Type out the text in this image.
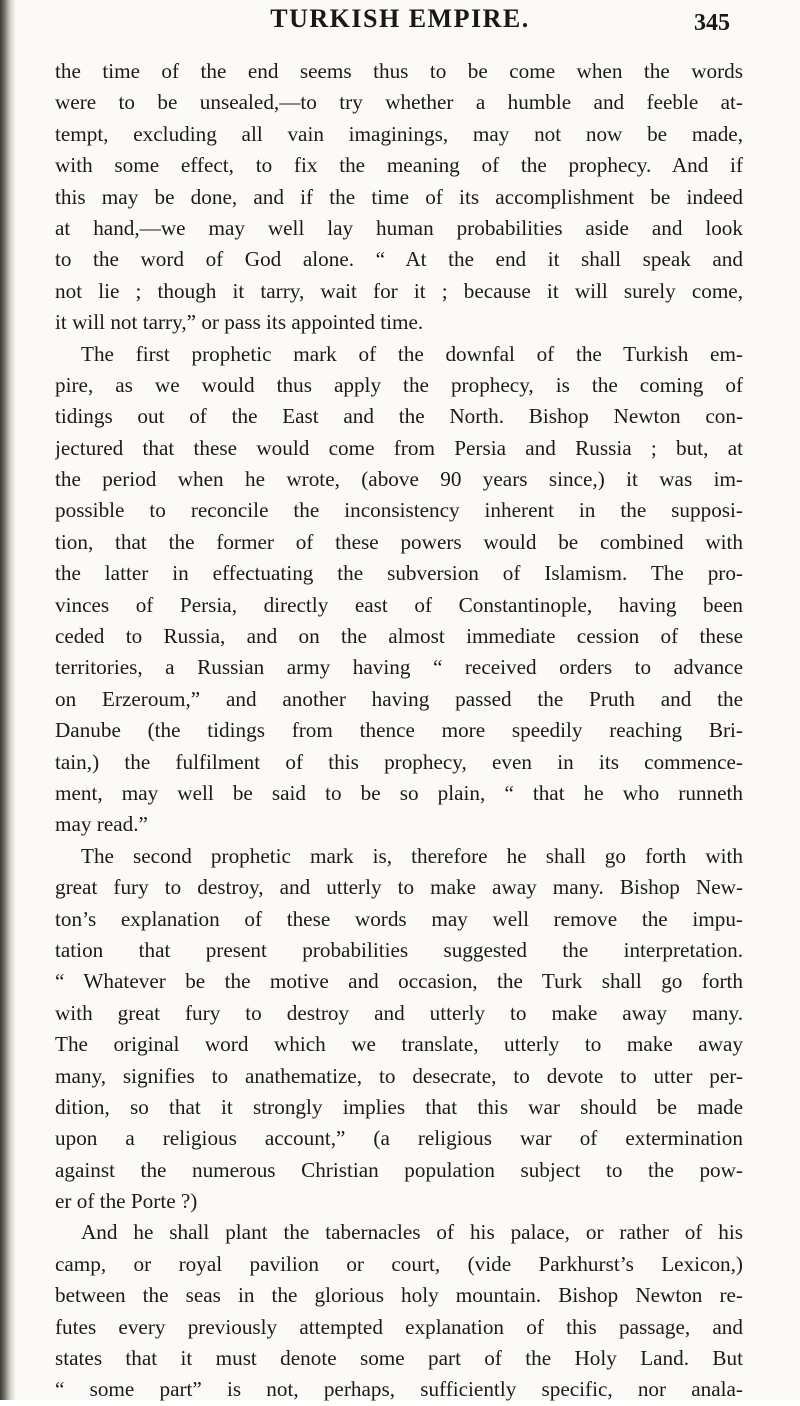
TURKISH EMPIRE.	345
the time of the end seems thus to be come when the words
were to be unsealed,—to try whether a humble and feeble at-
tempt, excluding all vain imaginings, may not now be made,
with some effect, to fix the meaning of the prophecy. And if
this may be done, and if the time of its accomplishment be indeed
at hand,—we may well lay human probabilities aside and look
to the word of God alone. “ At the end it shall speak and
not lie ; though it tarry, wait for it ; because it will surely come,
it will not tarry,” or pass its appointed time.
The first prophetic mark of the downfal of the Turkish em-
pire, as we would thus apply the prophecy, is the coming of
tidings out of the East and the North. Bishop Newton con-
jectured that these would come from Persia and Russia ; but, at
the period when he wrote, (above 90 years since,) it was im-
possible to reconcile the inconsistency inherent in the supposi-
tion, that the former of these powers would be combined with
the latter in effectuating the subversion of Islamism. The pro-
vinces of Persia, directly east of Constantinople, having been
ceded to Russia, and on the almost immediate cession of these
territories, a Russian army having “ received orders to advance
on Erzeroum,” and another having passed the Pruth and the
Danube (the tidings from thence more speedily reaching Bri-
tain,) the fulfilment of this prophecy, even in its commence-
ment, may well be said to be so plain, “ that he who runneth
may read.”
The second prophetic mark is, therefore he shall go forth with
great fury to destroy, and utterly to make away many. Bishop New-
ton’s explanation of these words may well remove the impu-
tation that present probabilities suggested the interpretation.
“ Whatever be the motive and occasion, the Turk shall go forth
with great fury to destroy and utterly to make away many.
The original word which we translate, utterly to make away
many, signifies to anathematize, to desecrate, to devote to utter per-
dition, so that it strongly implies that this war should be made
upon a religious account,” (a religious war of extermination
against the numerous Christian population subject to the pow-
er of the Porte ?)
And he shall plant the tabernacles of his palace, or rather of his
camp, or royal pavilion or court, (vide Parkhurst’s Lexicon,)
between the seas in the glorious holy mountain. Bishop Newton re-
futes every previously attempted explanation of this passage, and
states that it must denote some part of the Holy Land. But
“ some part” is not, perhaps, sufficiently specific, nor anala-
